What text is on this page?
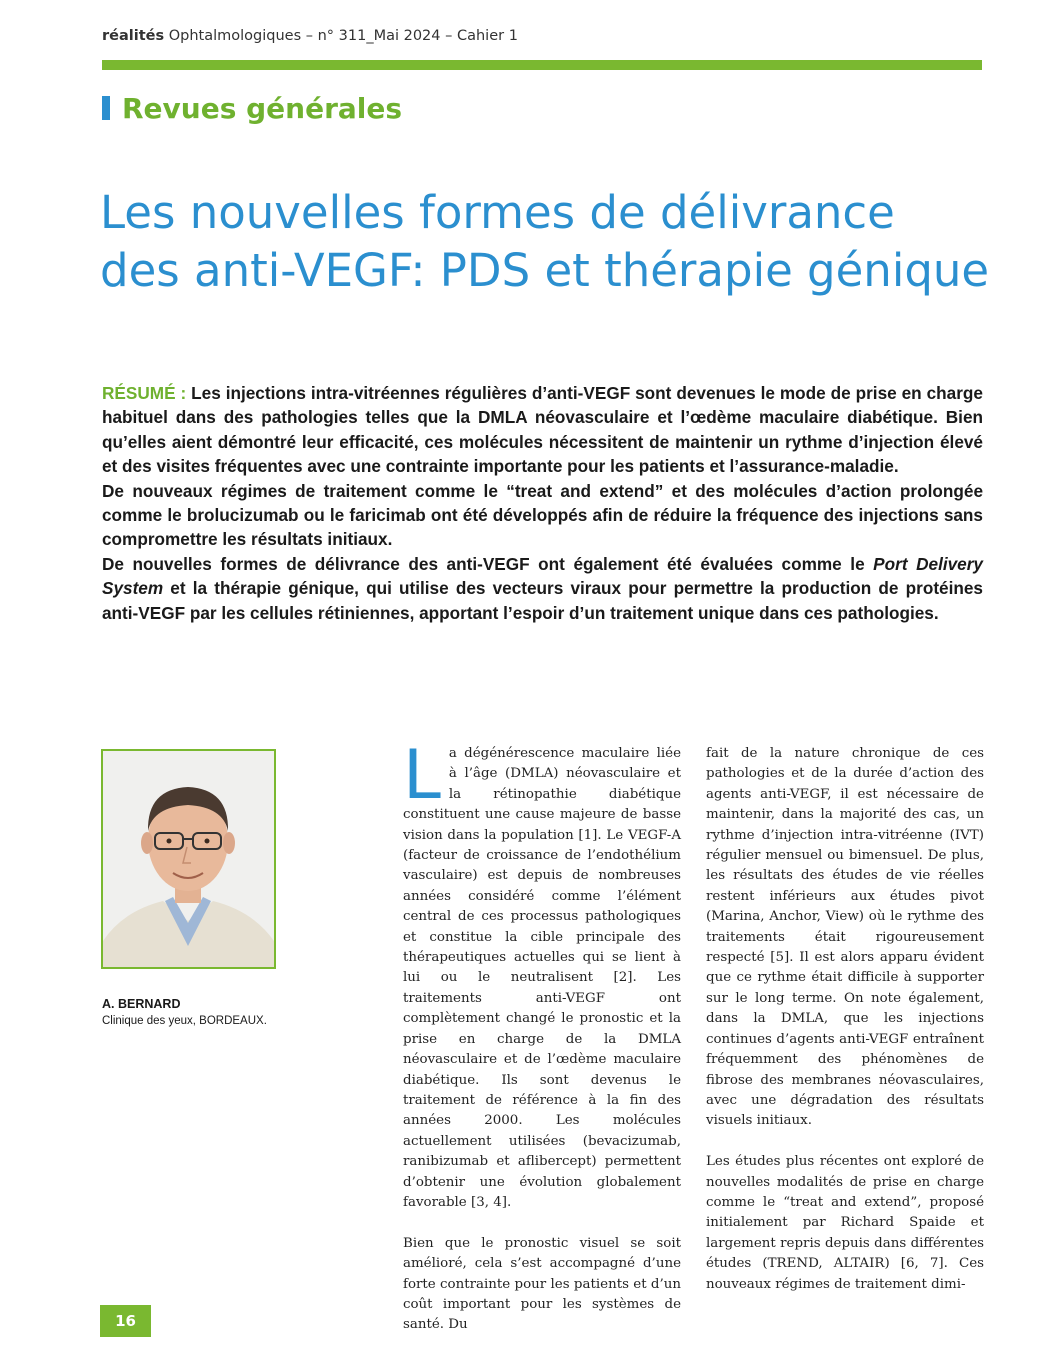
réalités Ophtalmologiques – n° 311_Mai 2024 – Cahier 1
Revues générales
Les nouvelles formes de délivrance
des anti-VEGF: PDS et thérapie génique

RÉSUMÉ : Les injections intra-vitréennes régulières d’anti-VEGF sont devenues le mode de prise en charge habituel dans des pathologies telles que la DMLA néovasculaire et l’œdème maculaire diabétique. Bien qu’elles aient démontré leur efficacité, ces molécules nécessitent de maintenir un rythme d’injection élevé et des visites fréquentes avec une contrainte importante pour les patients et l’assurance-maladie.

De nouveaux régimes de traitement comme le “treat and extend” et des molécules d’action prolongée comme le brolucizumab ou le faricimab ont été développés afin de réduire la fréquence des injections sans compromettre les résultats initiaux.

De nouvelles formes de délivrance des anti-VEGF ont également été évaluées comme le Port Delivery System et la thérapie génique, qui utilise des vecteurs viraux pour permettre la production de protéines anti-VEGF par les cellules rétiniennes, apportant l’espoir d’un traitement unique dans ces pathologies.

A. BERNARD
Clinique des yeux, BORDEAUX.

La dégénérescence maculaire liée à l’âge (DMLA) néovasculaire et la rétinopathie diabétique constituent une cause majeure de basse vision dans la population [1]. Le VEGF-A (facteur de croissance de l’endothélium vasculaire) est depuis de nombreuses années considéré comme l’élément central de ces processus pathologiques et constitue la cible principale des thérapeutiques actuelles qui se lient à lui ou le neutralisent [2]. Les traitements anti-VEGF ont complètement changé le pronostic et la prise en charge de la DMLA néovasculaire et de l’œdème maculaire diabétique. Ils sont devenus le traitement de référence à la fin des années 2000. Les molécules actuellement utilisées (bevacizumab, ranibizumab et aflibercept) permettent d’obtenir une évolution globalement favorable [3, 4].

Bien que le pronostic visuel se soit amélioré, cela s’est accompagné d’une forte contrainte pour les patients et d’un coût important pour les systèmes de santé. Du

fait de la nature chronique de ces pathologies et de la durée d’action des agents anti-VEGF, il est nécessaire de maintenir, dans la majorité des cas, un rythme d’injection intra-vitréenne (IVT) régulier mensuel ou bimensuel. De plus, les résultats des études de vie réelles restent inférieurs aux études pivot (Marina, Anchor, View) où le rythme des traitements était rigoureusement respecté [5]. Il est alors apparu évident que ce rythme était difficile à supporter sur le long terme. On note également, dans la DMLA, que les injections continues d’agents anti-VEGF entraînent fréquemment des phénomènes de fibrose des membranes néovasculaires, avec une dégradation des résultats visuels initiaux.

Les études plus récentes ont exploré de nouvelles modalités de prise en charge comme le “treat and extend”, proposé initialement par Richard Spaide et largement repris depuis dans différentes études (TREND, ALTAIR) [6, 7]. Ces nouveaux régimes de traitement dimi-

16
